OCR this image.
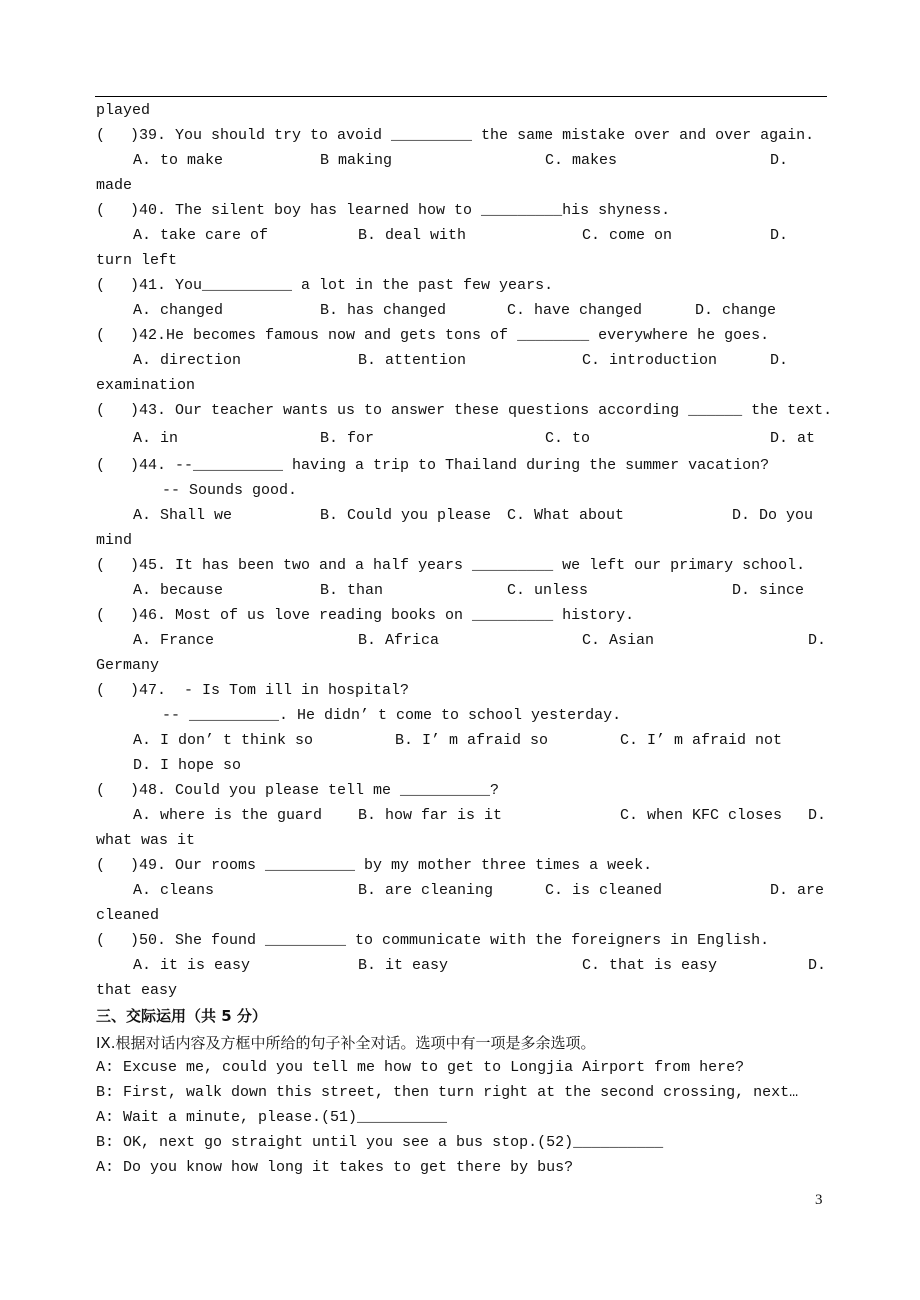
played
( )39. You should try to avoid _________ the same mistake over and over again.
A. to make	B making	C. makes	D.
made
( )40. The silent boy has learned how to _________his shyness.
A. take care of	B. deal with	C. come on	D.
turn left
( )41. You__________ a lot in the past few years.
A. changed	B. has changed	C. have changed	D. change
( )42.He becomes famous now and gets tons of ________ everywhere he goes.
A. direction	B. attention	C. introduction	D.
examination
( )43. Our teacher wants us to answer these questions according ______ the text.
A. in	B. for	C. to	D. at
( )44. --__________ having a trip to Thailand during the summer vacation?
-- Sounds good.
A. Shall we	B. Could you please C. What about	D. Do you
mind
( )45. It has been two and a half years _________ we left our primary school.
A. because	B. than	C. unless	D. since
( )46. Most of us love reading books on _________ history.
A. France	B. Africa	C. Asian	D.
Germany
( )47.  - Is Tom ill in hospital?
-- __________. He didn’ t come to school yesterday.
A. I don’ t think so	B. I’ m afraid so	C. I’ m afraid not
D. I hope so
( )48. Could you please tell me __________?
A. where is the guard B. how far is it	C. when KFC closes D.
what was it
( )49. Our rooms __________ by my mother three times a week.
A. cleans	B. are cleaning	C. is cleaned	D. are
cleaned
( )50. She found _________ to communicate with the foreigners in English.
A. it is easy	B. it easy	C. that is easy	D.
that easy
三、交际运用（共 5 分）
IX.根据对话内容及方框中所给的句子补全对话。选项中有一项是多余选项。
A: Excuse me, could you tell me how to get to Longjia Airport from here?
B: First, walk down this street, then turn right at the second crossing, next…
A: Wait a minute, please.(51)__________
B: OK, next go straight until you see a bus stop.(52)__________
A: Do you know how long it takes to get there by bus?
3
